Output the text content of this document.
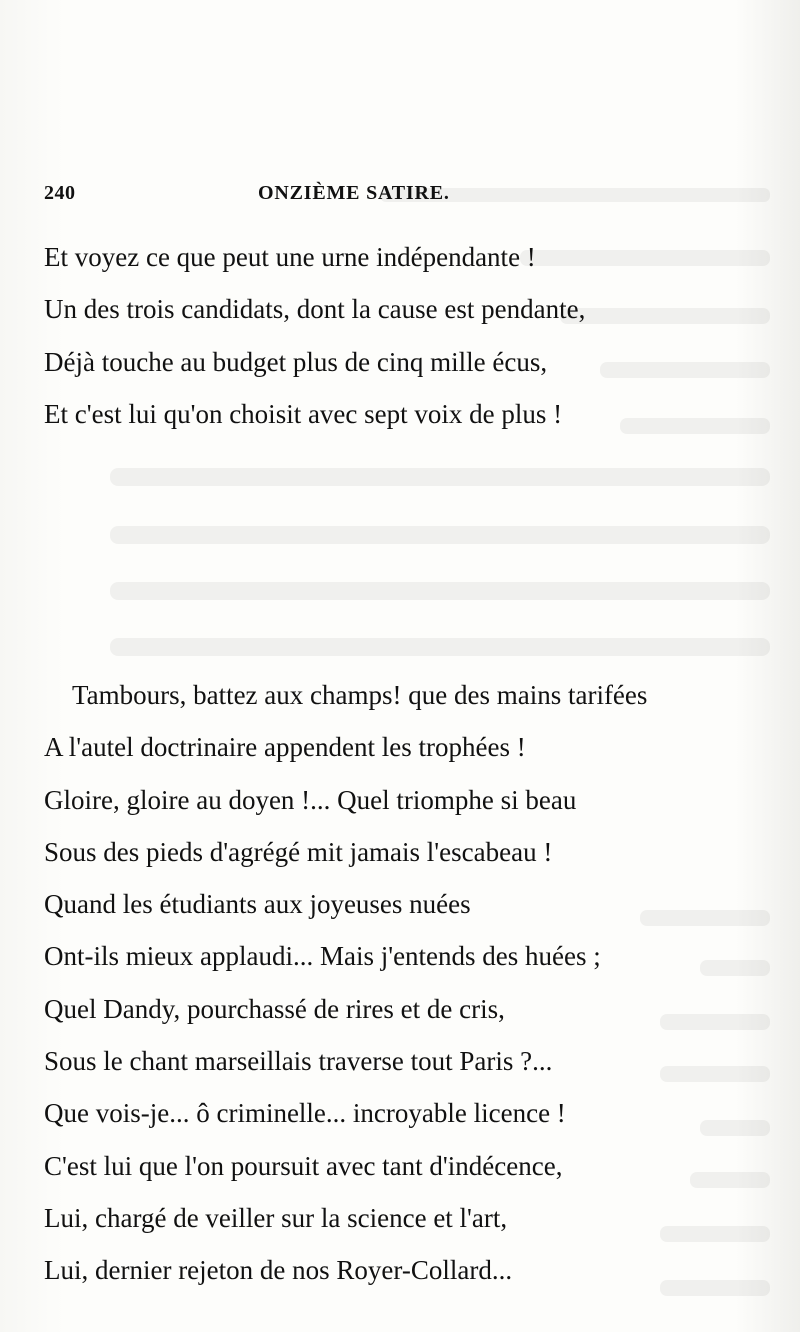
240	ONZIÈME SATIRE.
Et voyez ce que peut une urne indépendante !
Un des trois candidats, dont la cause est pendante,
Déjà touche au budget plus de cinq mille écus,
Et c'est lui qu'on choisit avec sept voix de plus !
Tambours, battez aux champs! que des mains tarifées
A l'autel doctrinaire appendent les trophées !
Gloire, gloire au doyen !... Quel triomphe si beau
Sous des pieds d'agrégé mit jamais l'escabeau !
Quand les étudiants aux joyeuses nuées
Ont-ils mieux applaudi... Mais j'entends des huées ;
Quel Dandy, pourchassé de rires et de cris,
Sous le chant marseillais traverse tout Paris ?...
Que vois-je... ô criminelle... incroyable licence !
C'est lui que l'on poursuit avec tant d'indécence,
Lui, chargé de veiller sur la science et l'art,
Lui, dernier rejeton de nos Royer-Collard...
